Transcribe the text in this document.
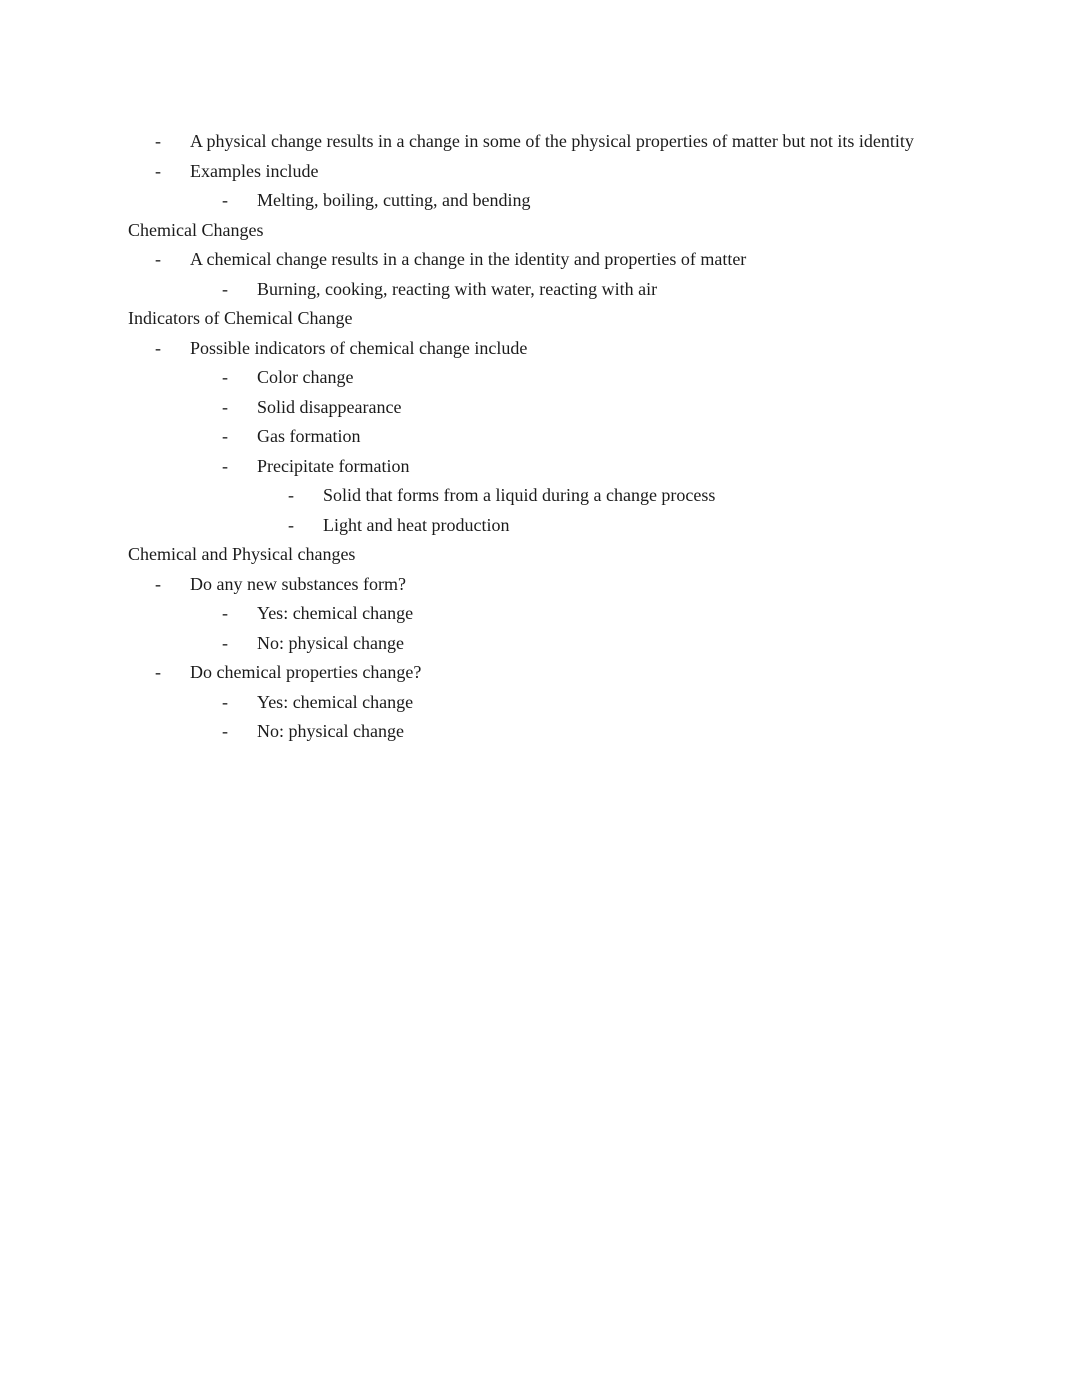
-	A physical change results in a change in some of the physical properties of matter but not its identity
-	Examples include
-	Melting, boiling, cutting, and bending
Chemical Changes
-	A chemical change results in a change in the identity and properties of matter
-	Burning, cooking, reacting with water, reacting with air
Indicators of Chemical Change
-	Possible indicators of chemical change include
-	Color change
-	Solid disappearance
-	Gas formation
-	Precipitate formation
-	Solid that forms from a liquid during a change process
-	Light and heat production
Chemical and Physical changes
-	Do any new substances form?
-	Yes: chemical change
-	No: physical change
-	Do chemical properties change?
-	Yes: chemical change
-	No: physical change
